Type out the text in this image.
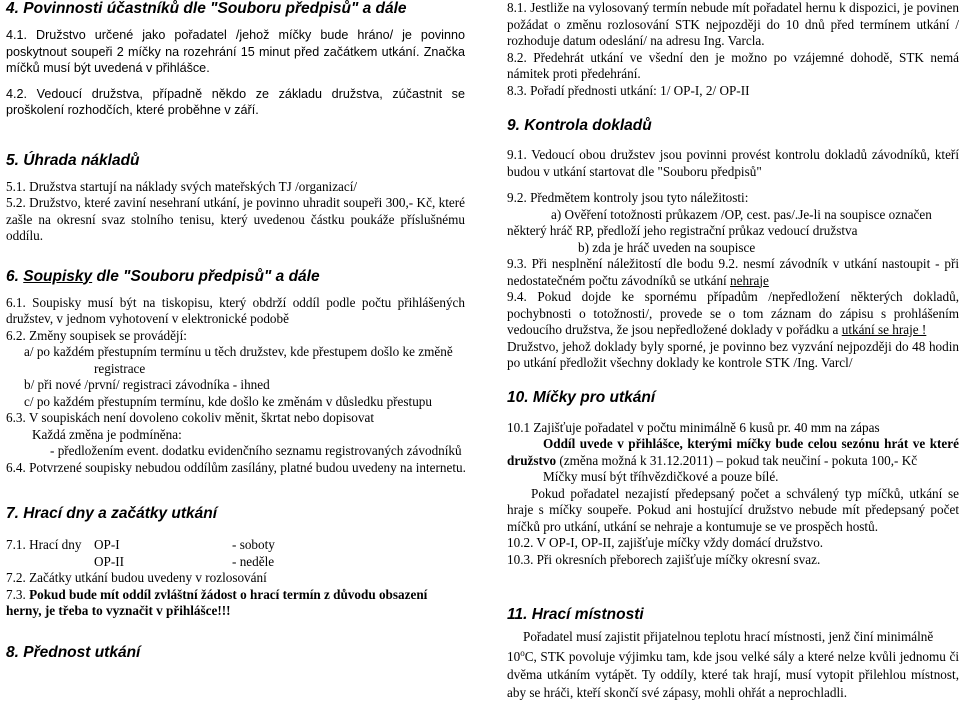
4. Povinnosti účastníků dle "Souboru předpisů" a dále

4.1. Družstvo určené jako pořadatel /jehož míčky bude hráno/ je povinno poskytnout soupeři 2 míčky na rozehrání 15 minut před začátkem utkání. Značka míčků musí být uvedená v přihlášce.

4.2. Vedoucí družstva, případně někdo ze základu družstva, zúčastnit se proškolení rozhodčích, které proběhne v září.

5. Úhrada nákladů

5.1. Družstva startují na náklady svých mateřských TJ /organizací/

5.2. Družstvo, které zaviní nesehraní utkání, je povinno uhradit soupeři 300,- Kč, které zašle na okresní svaz stolního tenisu, který uvedenou částku poukáže příslušnému oddílu.

6. Soupisky dle "Souboru předpisů" a dále

6.1. Soupisky musí být na tiskopisu, který obdrží oddíl podle počtu přihlášených družstev, v jednom vyhotovení v elektronické podobě

6.2. Změny soupisek se provádějí:

a/ po každém přestupním termínu u těch družstev, kde přestupem došlo ke změně

registrace

b/ při nové /první/ registraci závodníka - ihned

c/ po každém přestupním termínu, kde došlo ke změnám v důsledku přestupu

6.3. V soupiskách není dovoleno cokoliv měnit, škrtat nebo dopisovat

Každá změna je podmíněna:

- předložením event. dodatku evidenčního seznamu registrovaných závodníků

6.4. Potvrzené soupisky nebudou oddílům zasílány, platné budou uvedeny na internetu.

7. Hrací dny a začátky utkání
7.1. Hrací dny OP-I	- soboty
OP-II	- neděle

7.2. Začátky utkání budou uvedeny v rozlosování

7.3. Pokud bude mít oddíl zvláštní žádost o hrací termín z důvodu obsazení herny, je třeba to vyznačit v přihlášce!!!

8. Přednost utkání

8.1. Jestliže na vylosovaný termín nebude mít pořadatel hernu k dispozici, je povinen požádat o změnu rozlosování STK nejpozději do 10 dnů před termínem utkání / rozhoduje datum odeslání/ na adresu Ing. Varcla.

8.2. Předehrát utkání ve všední den je možno po vzájemné dohodě, STK nemá námitek proti předehrání.

8.3. Pořadí přednosti utkání: 1/ OP-I, 2/ OP-II

9. Kontrola dokladů

9.1. Vedoucí obou družstev jsou povinni provést kontrolu dokladů závodníků, kteří budou v utkání startovat dle "Souboru předpisů"

9.2. Předmětem kontroly jsou tyto náležitosti:

a) Ověření totožnosti průkazem /OP, cest. pas/.Je-li na soupisce označen

některý hráč RP, předloží jeho registrační průkaz vedoucí družstva

b) zda je hráč uveden na soupisce

9.3. Při nesplnění náležitostí dle bodu 9.2. nesmí závodník v utkání nastoupit - při nedostatečném počtu závodníků se utkání nehraje

9.4. Pokud dojde ke spornému případům /nepředložení některých dokladů, pochybnosti o totožnosti/, provede se o tom záznam do zápisu s prohlášením vedoucího družstva, že jsou nepředložené doklady v pořádku a utkání se hraje !

Družstvo, jehož doklady byly sporné, je povinno bez vyzvání nejpozději do 48 hodin po utkání předložit všechny doklady ke kontrole STK /Ing. Varcl/

10. Míčky pro utkání

10.1 Zajišťuje pořadatel v počtu minimálně 6 kusů pr. 40 mm na zápas

Oddíl uvede v přihlášce, kterými míčky bude celou sezónu hrát ve které družstvo (změna možná k 31.12.2011) – pokud tak neučiní - pokuta 100,- Kč

Míčky musí být tříhvězdičkové a pouze bílé.

Pokud pořadatel nezajistí předepsaný počet a schválený typ míčků, utkání se hraje s míčky soupeře. Pokud ani hostující družstvo nebude mít předepsaný počet míčků pro utkání, utkání se nehraje a kontumuje se ve prospěch hostů.

10.2. V OP-I, OP-II, zajišťuje míčky vždy domácí družstvo.

10.3. Při okresních přeborech zajišťuje míčky okresní svaz.

11. Hrací místnosti

Pořadatel musí zajistit přijatelnou teplotu hrací místnosti, jenž činí minimálně

10$^o$C, STK povoluje výjimku tam, kde jsou velké sály a které nelze kvůli jednomu či dvěma utkáním vytápět. Ty oddíly, které tak hrají, musí vytopit přilehlou místnost, aby se hráči, kteří skončí své zápasy, mohli ohřát a neprochladli.
